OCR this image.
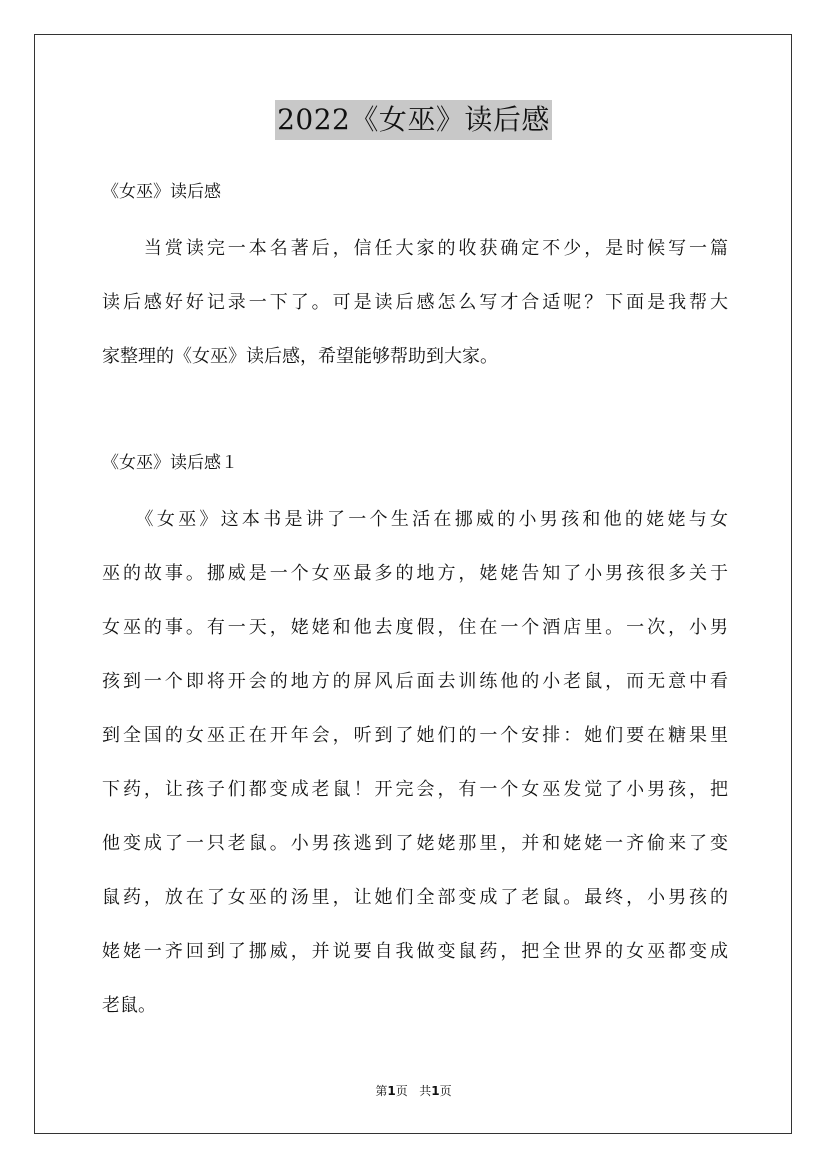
2022《女巫》读后感
《女巫》读后感
　　当赏读完一本名著后，信任大家的收获确定不少，是时候写一篇
读后感好好记录一下了。可是读后感怎么写才合适呢？下面是我帮大
家整理的《女巫》读后感，希望能够帮助到大家。
《女巫》读后感１
　　《女巫》这本书是讲了一个生活在挪威的小男孩和他的姥姥与女
巫的故事。挪威是一个女巫最多的地方，姥姥告知了小男孩很多关于
女巫的事。有一天，姥姥和他去度假，住在一个酒店里。一次，小男
孩到一个即将开会的地方的屏风后面去训练他的小老鼠，而无意中看
到全国的女巫正在开年会，听到了她们的一个安排：她们要在糖果里
下药，让孩子们都变成老鼠！开完会，有一个女巫发觉了小男孩，把
他变成了一只老鼠。小男孩逃到了姥姥那里，并和姥姥一齐偷来了变
鼠药，放在了女巫的汤里，让她们全部变成了老鼠。最终，小男孩的
姥姥一齐回到了挪威，并说要自我做变鼠药，把全世界的女巫都变成
老鼠。
第1页 共1页
